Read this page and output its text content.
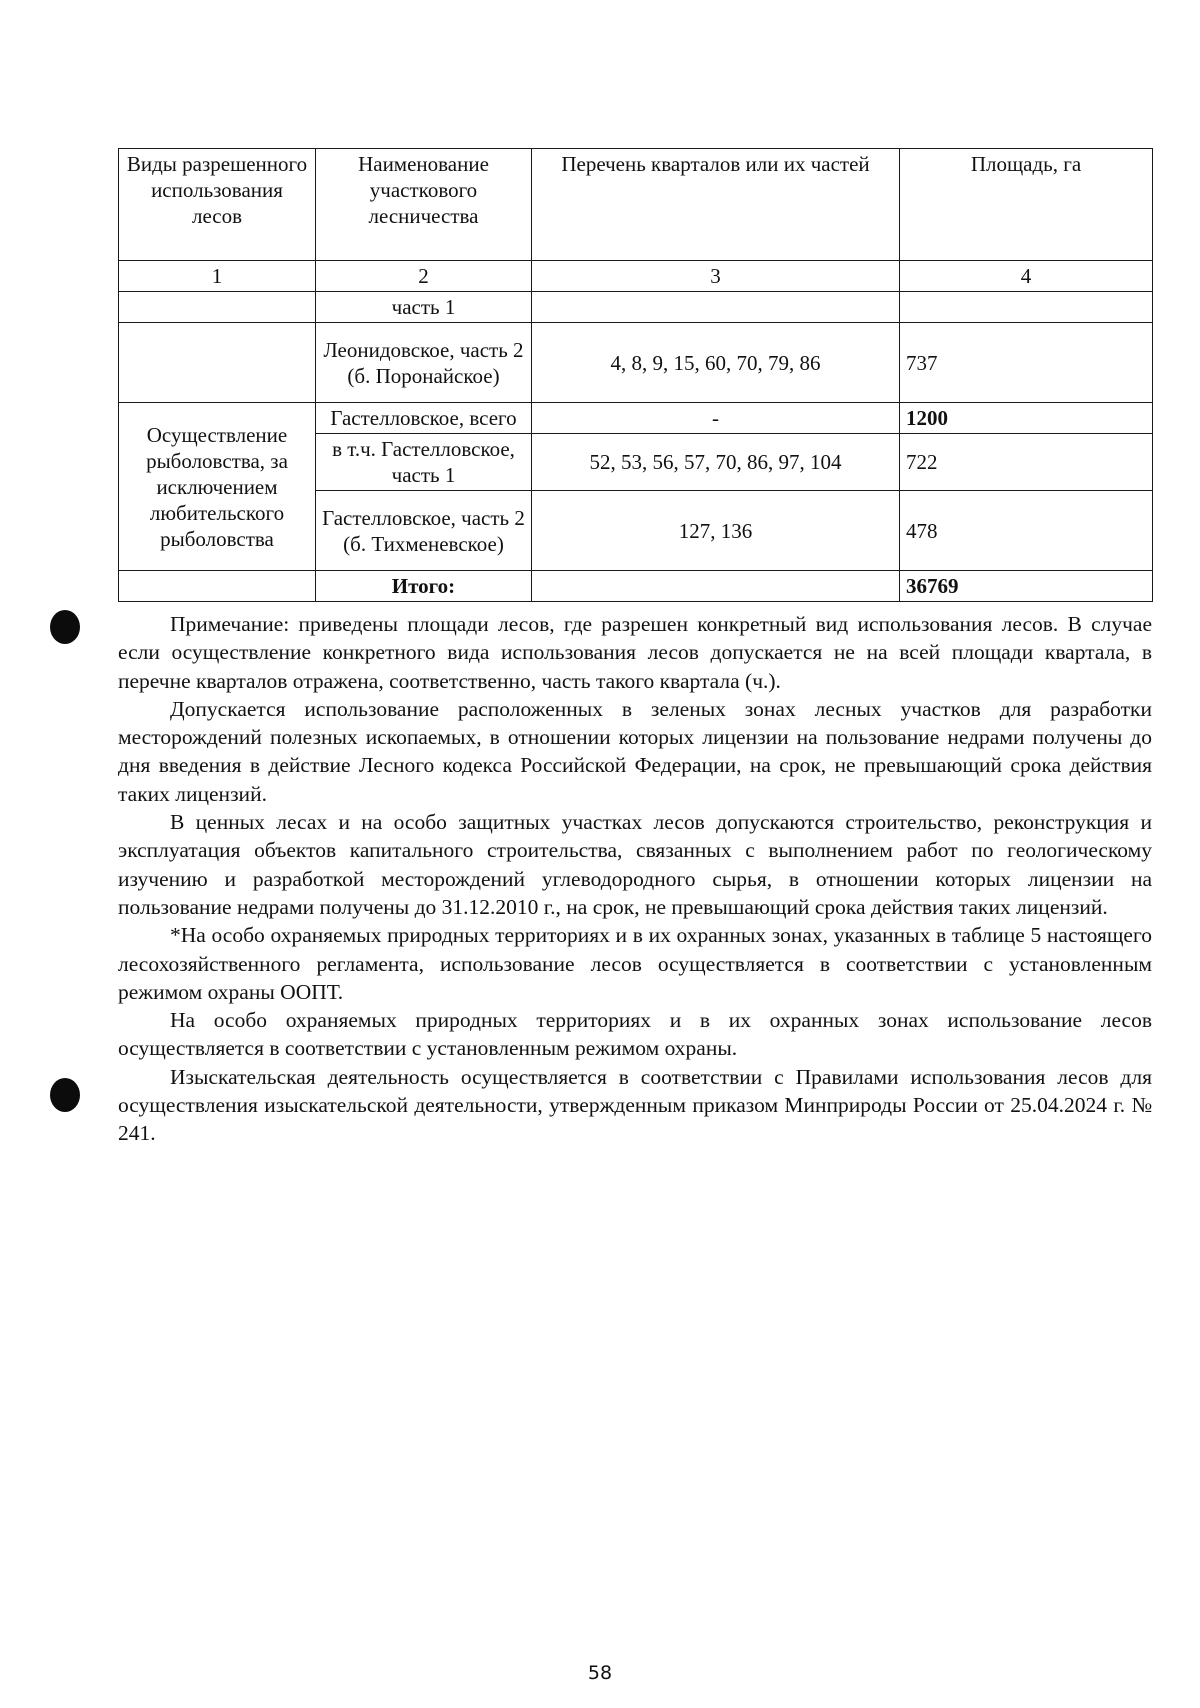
Виды разрешенного использования лесов	Наименование участкового лесничества	Перечень кварталов или их частей	Площадь, га
1	2	3	4
	часть 1		
	Леонидовское, часть 2 (б. Поронайское)	4, 8, 9, 15, 60, 70, 79, 86	737
Осуществление рыболовства, за исключением любительского рыболовства	Гастелловское, всего	-	1200
	в т.ч. Гастелловское, часть 1	52, 53, 56, 57, 70, 86, 97, 104	722
	Гастелловское, часть 2 (б. Тихменевское)	127, 136	478
	Итого:		36769

Примечание: приведены площади лесов, где разрешен конкретный вид использования лесов. В случае если осуществление конкретного вида использования лесов допускается не на всей площади квартала, в перечне кварталов отражена, соответственно, часть такого квартала (ч.).

Допускается использование расположенных в зеленых зонах лесных участков для разработки месторождений полезных ископаемых, в отношении которых лицензии на пользование недрами получены до дня введения в действие Лесного кодекса Российской Федерации, на срок, не превышающий срока действия таких лицензий.

В ценных лесах и на особо защитных участках лесов допускаются строительство, реконструкция и эксплуатация объектов капитального строительства, связанных с выполнением работ по геологическому изучению и разработкой месторождений углеводородного сырья, в отношении которых лицензии на пользование недрами получены до 31.12.2010 г., на срок, не превышающий срока действия таких лицензий.

*На особо охраняемых природных территориях и в их охранных зонах, указанных в таблице 5 настоящего лесохозяйственного регламента, использование лесов осуществляется в соответствии с установленным режимом охраны ООПТ.

На особо охраняемых природных территориях и в их охранных зонах использование лесов осуществляется в соответствии с установленным режимом охраны.

Изыскательская деятельность осуществляется в соответствии с Правилами использования лесов для осуществления изыскательской деятельности, утвержденным приказом Минприроды России от 25.04.2024 г. № 241.

58
